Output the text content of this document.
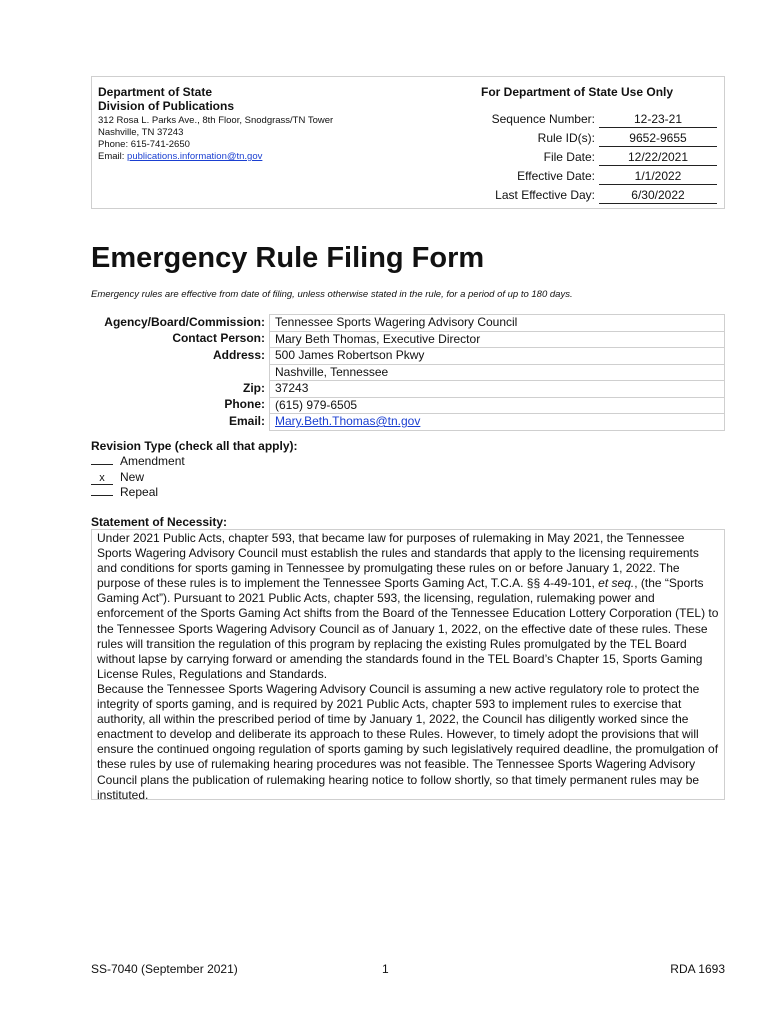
Department of State
Division of Publications
312 Rosa L. Parks Ave., 8th Floor, Snodgrass/TN Tower
Nashville, TN 37243
Phone: 615-741-2650
Email: publications.information@tn.gov
For Department of State Use Only
Sequence Number:	12-23-21
Rule ID(s):	9652-9655
File Date:	12/22/2021
Effective Date:	1/1/2022
Last Effective Day:	6/30/2022
Emergency Rule Filing Form
Emergency rules are effective from date of filing, unless otherwise stated in the rule, for a period of up to 180 days.
Agency/Board/Commission:	Tennessee Sports Wagering Advisory Council
Contact Person:	Mary Beth Thomas, Executive Director
Address:	500 James Robertson Pkwy
	Nashville, Tennessee
Zip:	37243
Phone:	(615) 979-6505
Email:	Mary.Beth.Thomas@tn.gov
Revision Type (check all that apply):
Amendment
x New
Repeal
Statement of Necessity:

Under 2021 Public Acts, chapter 593, that became law for purposes of rulemaking in May 2021, the Tennessee Sports Wagering Advisory Council must establish the rules and standards that apply to the licensing requirements and conditions for sports gaming in Tennessee by promulgating these rules on or before January 1, 2022. The purpose of these rules is to implement the Tennessee Sports Gaming Act, T.C.A. §§ 4-49-101, et seq., (the “Sports Gaming Act”). Pursuant to 2021 Public Acts, chapter 593, the licensing, regulation, rulemaking power and enforcement of the Sports Gaming Act shifts from the Board of the Tennessee Education Lottery Corporation (TEL) to the Tennessee Sports Wagering Advisory Council as of January 1, 2022, on the effective date of these rules. These rules will transition the regulation of this program by replacing the existing Rules promulgated by the TEL Board without lapse by carrying forward or amending the standards found in the TEL Board’s Chapter 15, Sports Gaming License Rules, Regulations and Standards.

Because the Tennessee Sports Wagering Advisory Council is assuming a new active regulatory role to protect the integrity of sports gaming, and is required by 2021 Public Acts, chapter 593 to implement rules to exercise that authority, all within the prescribed period of time by January 1, 2022, the Council has diligently worked since the enactment to develop and deliberate its approach to these Rules. However, to timely adopt the provisions that will ensure the continued ongoing regulation of sports gaming by such legislatively required deadline, the promulgation of these rules by use of rulemaking hearing procedures was not feasible. The Tennessee Sports Wagering Advisory Council plans the publication of rulemaking hearing notice to follow shortly, so that timely permanent rules may be instituted.

SS-7040 (September 2021)	1	RDA 1693
